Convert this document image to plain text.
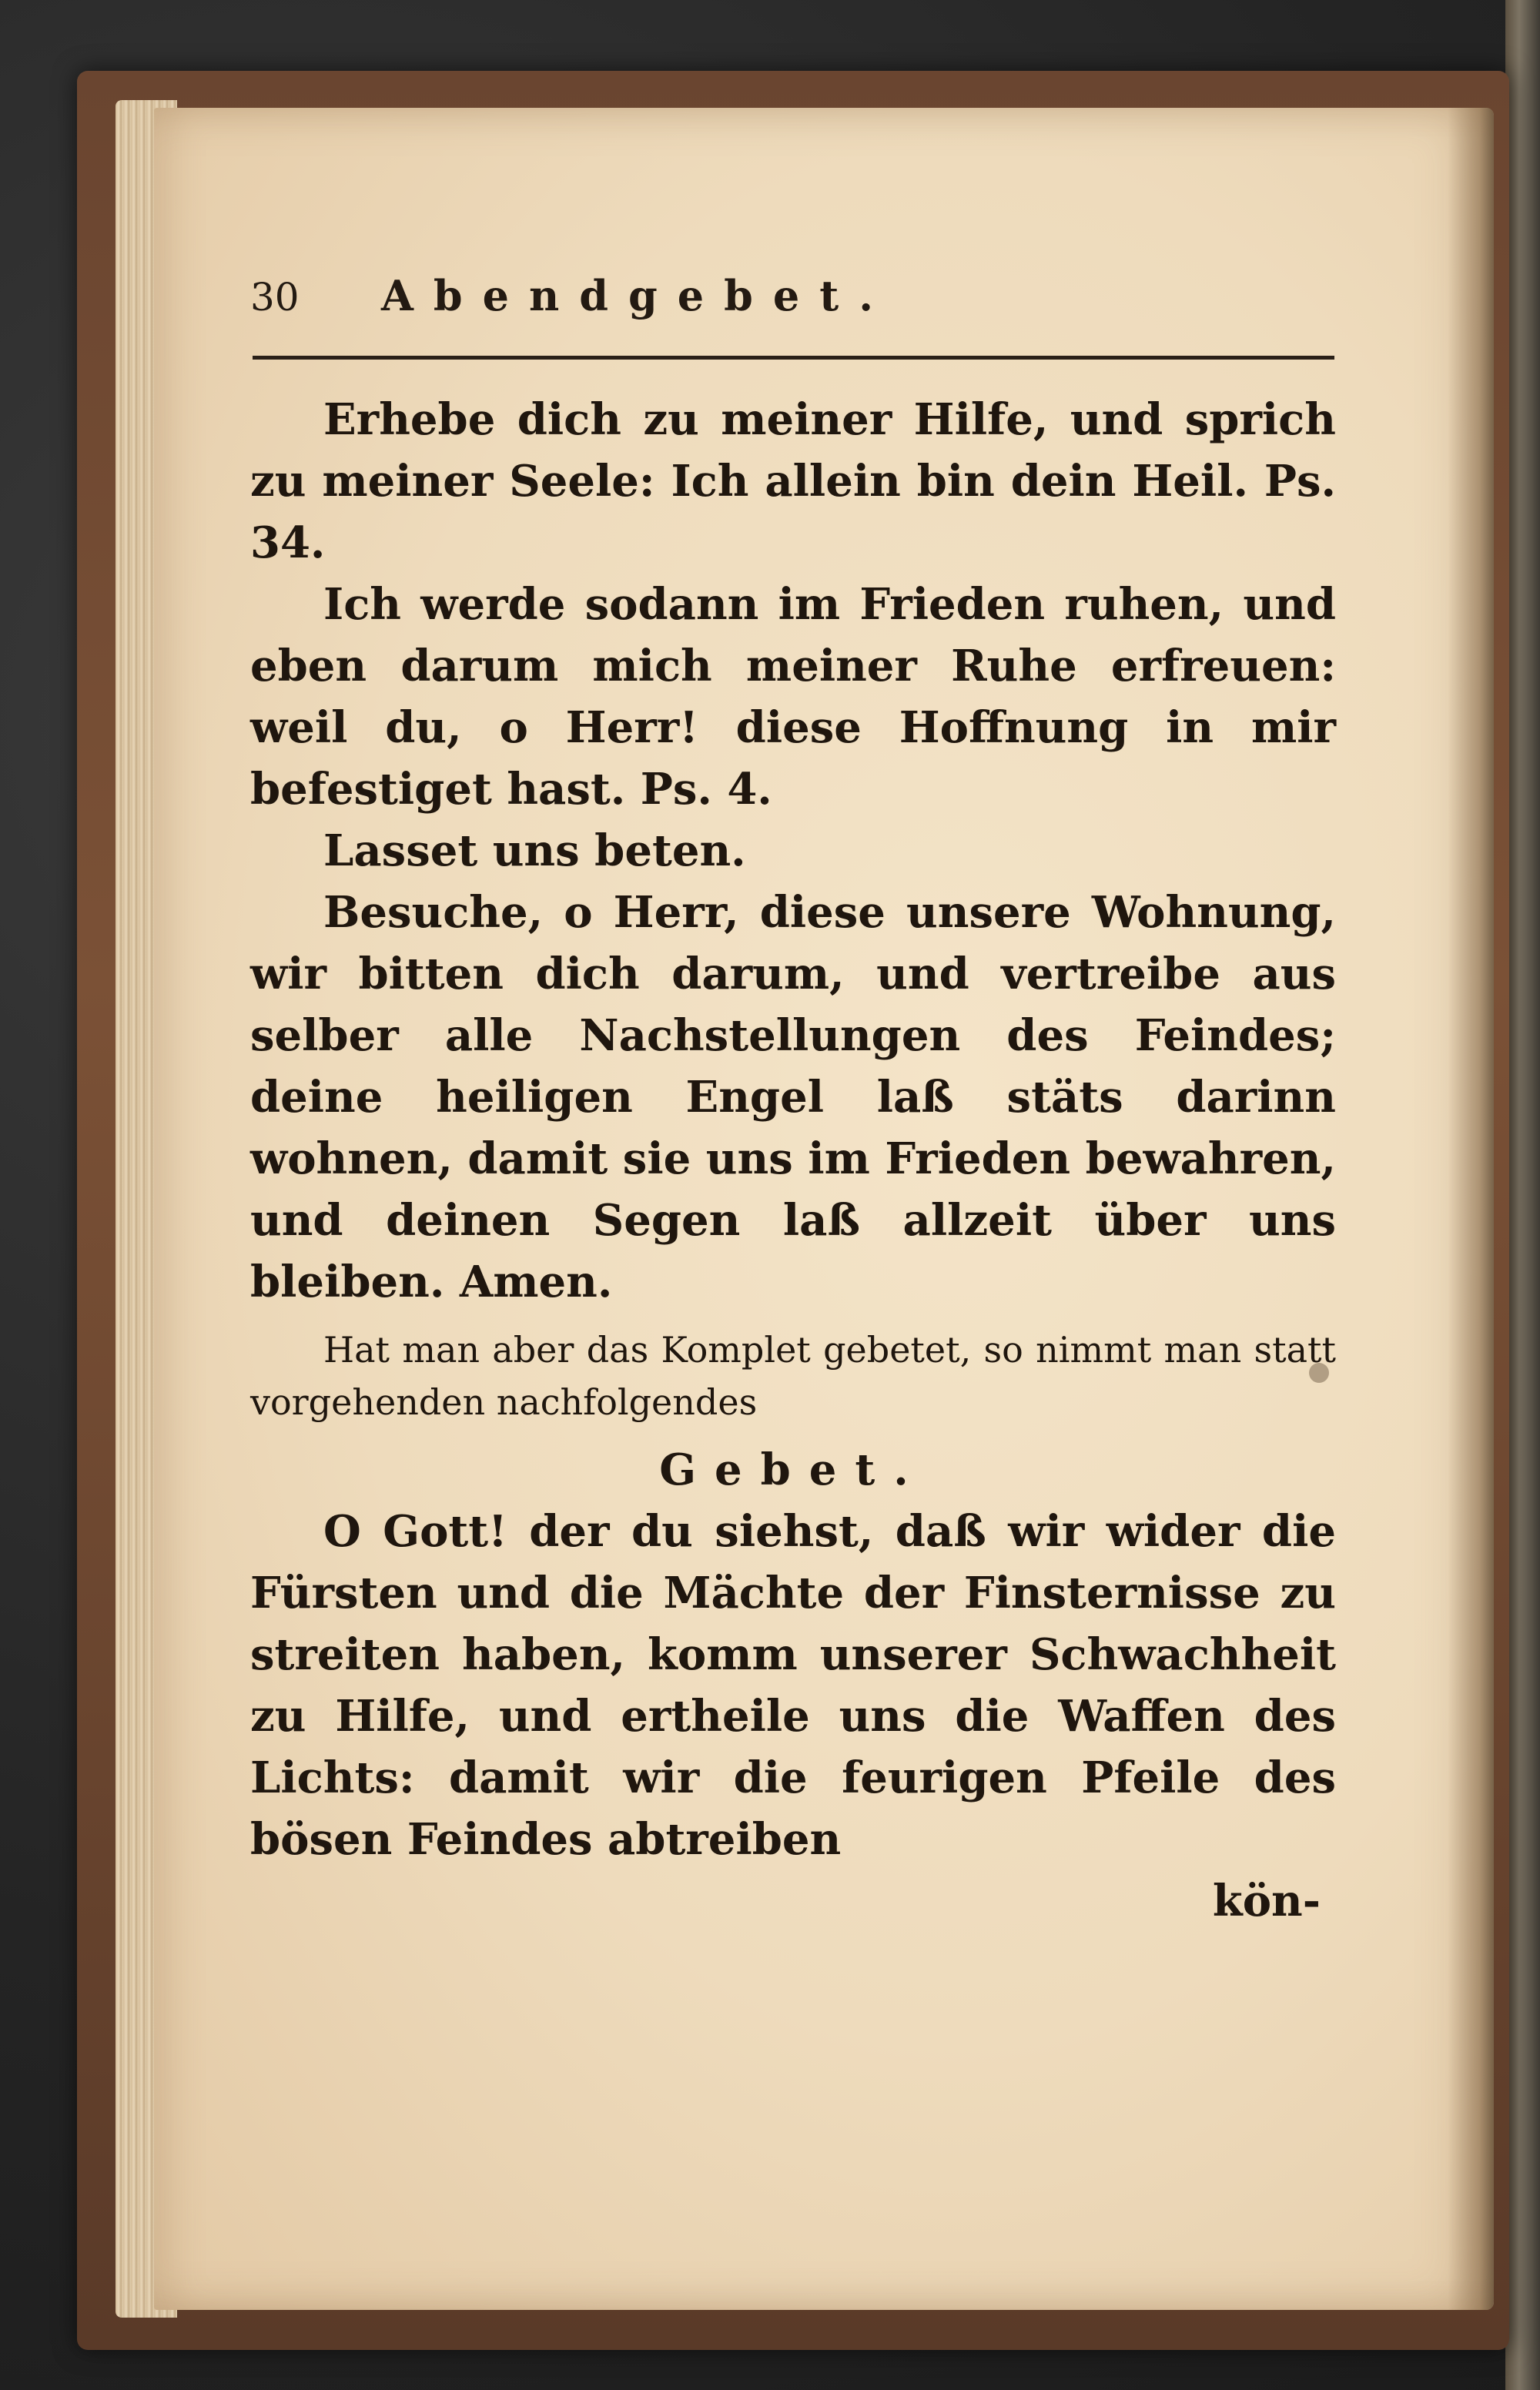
30	Abendgebet.

Erhebe dich zu meiner Hilfe, und sprich zu meiner Seele: Ich allein bin dein Heil. Ps. 34.

Ich werde sodann im Frieden ruhen, und eben darum mich meiner Ruhe erfreuen: weil du, o Herr! diese Hoffnung in mir befestiget hast. Ps. 4.

Lasset uns beten.

Besuche, o Herr, diese unsere Wohnung, wir bitten dich darum, und vertreibe aus selber alle Nachstellungen des Feindes; deine heiligen Engel laß stäts darinn wohnen, damit sie uns im Frieden bewahren, und deinen Segen laß allzeit über uns bleiben. Amen.

Hat man aber das Komplet gebetet, so nimmt man statt vorgehenden nachfolgendes

Gebet.

O Gott! der du siehst, daß wir wider die Fürsten und die Mächte der Finsternisse zu streiten haben, komm unserer Schwachheit zu Hilfe, und ertheile uns die Waffen des Lichts: damit wir die feurigen Pfeile des bösen Feindes abtreiben

kön-
